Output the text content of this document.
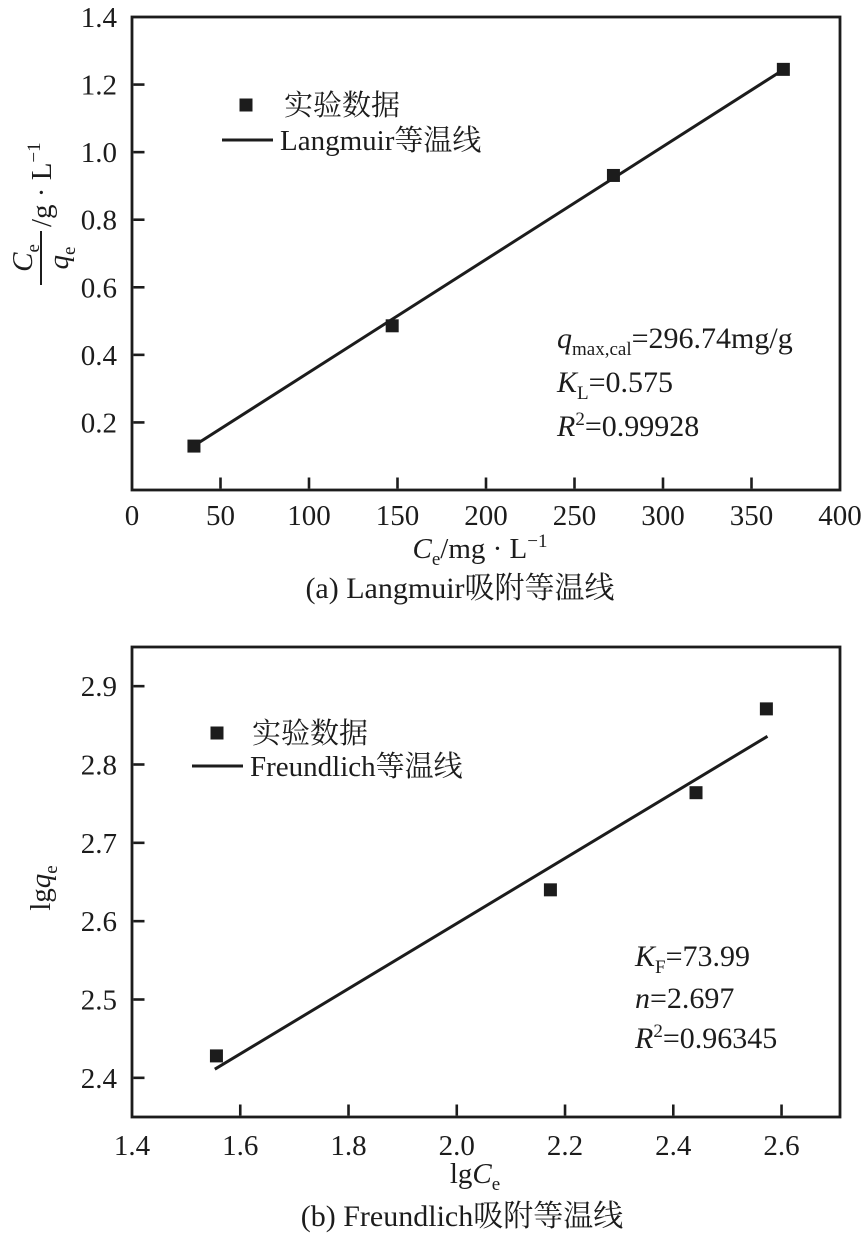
0 50 100 150 200 250 300 350 400
0.2
0.4
0.6
0.8
1.0
1.2
1.4
实验数据
Langmuir等温线
$q_{max,cal}=296.74mg/g$
$K_L=0.575$
$R^2=0.99928$
$C_e/mg \cdot L^{-1}$
$C_e$
$q_e$
$/g \cdot L^{-1}$
(a) Langmuir吸附等温线
1.4 1.6 1.8 2.0 2.2 2.4 2.6
2.4
2.5
2.6
2.7
2.8
2.9
实验数据
Freundlich等温线
$K_F=73.99$
n=2.697
$R^2=0.96345$
lgC$_e$
lgq$_e$
(b) Freundlich吸附等温线
